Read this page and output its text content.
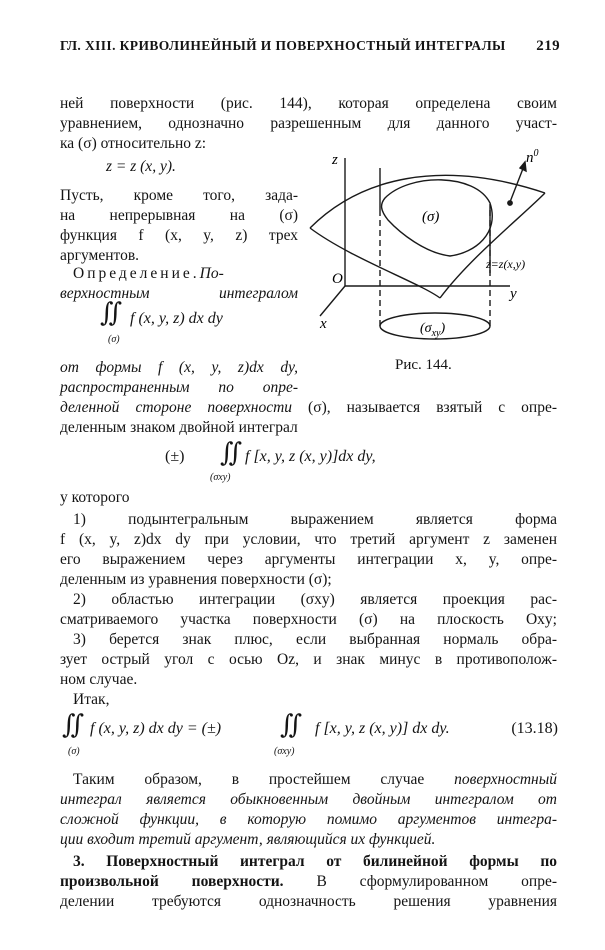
ГЛ. XIII. КРИВОЛИНЕЙНЫЙ И ПОВЕРХНОСТНЫЙ ИНТЕГРАЛЫ 219
ней поверхности (рис. 144), которая определена своим
уравнением, однозначно разрешенным для данного участ-
ка (σ) относительно z:
z = z (x, y).
Пусть, кроме того, зада-
на непрерывная на (σ)
функция f (x, y, z) трех
аргументов.
Определение.По-
верхностным интегралом
∬ f (x, y, z) dx dy
(σ)
от формы f (x, y, z)dx dy,
распространенным по опре-
z	$n^0$
(σ)
z=z(x,y)
O
y
x	$(\sigma_{xy})$
Рис. 144.
деленной стороне поверхности (σ), называется взятый с опре-
деленным знаком двойной интеграл
(±) ∬ f [x, y, z (x, y)]dx dy,
(σxy)
у которого
1) подынтегральным выражением является форма
f (x, y, z)dx dy при условии, что третий аргумент z заменен
его выражением через аргументы интеграции x, y, опре-
деленным из уравнения поверхности (σ);
2) областью интеграции (σxy) является проекция рас-
сматриваемого участка поверхности (σ) на плоскость Oxy;
3) берется знак плюс, если выбранная нормаль обра-
зует острый угол с осью Oz, и знак минус в противополож-
ном случае.
Итак,
∬ f (x, y, z) dx dy = (±)
(σ)
∬ f [x, y, z (x, y)] dx dy.
(σxy)
(13.18)
Таким образом, в простейшем случае поверхностный
интеграл является обыкновенным двойным интегралом от
сложной функции, в которую помимо аргументов интегра-
ции входит третий аргумент, являющийся их функцией.
3. Поверхностный интеграл от билинейной формы по
произвольной поверхности. В сформулированном опре-
делении требуются однозначность решения уравнения
